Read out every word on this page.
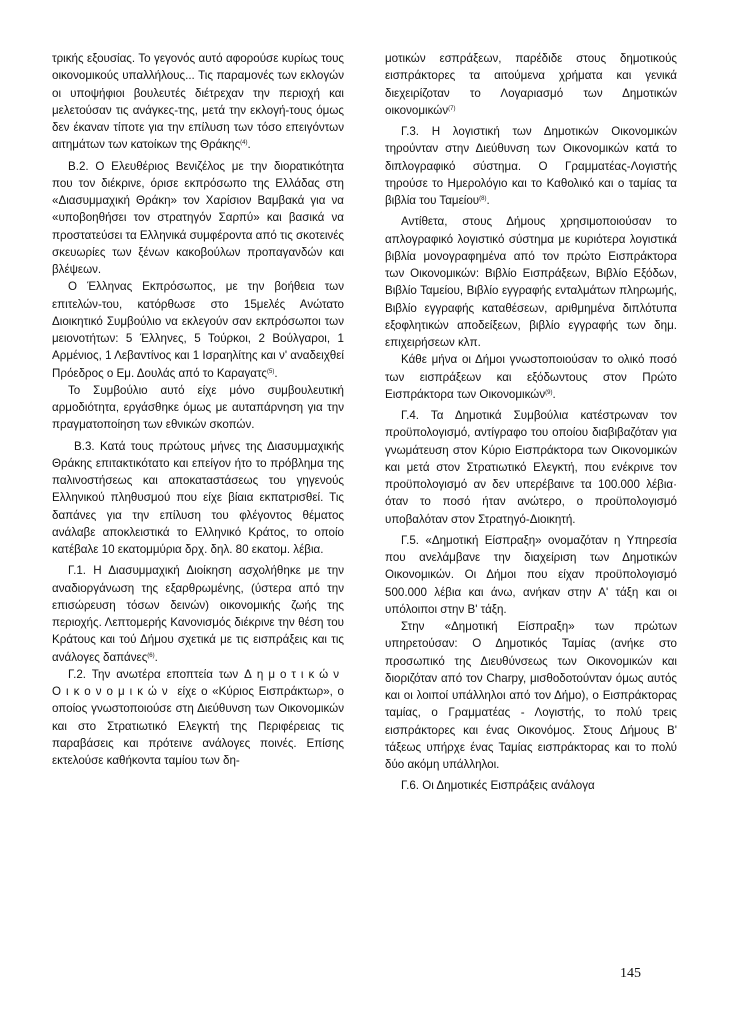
τρικής εξουσίας. Το γεγονός αυτό αφορούσε κυρίως τους οικονομικούς υπαλλήλους... Τις παραμονές των εκλογών οι υποψήφιοι βουλευτές διέτρεχαν την περιοχή και μελετούσαν τις ανάγκες-της, μετά την εκλογή-τους όμως δεν έκαναν τίποτε για την επίλυση των τόσο επειγόντων αιτημάτων των κατοίκων της Θράκης$^{(4)}$.

B.2. Ο Ελευθέριος Βενιζέλος με την διορατικότητα που τον διέκρινε, όρισε εκπρόσωπο της Ελλάδας στη «Διασυμμαχική Θράκη» τον Χαρίσιον Βαμβακά για να «υποβοηθήσει τον στρατηγόν Σαρπύ» και βασικά να προστατεύσει τα Ελληνικά συμφέροντα από τις σκοτεινές σκευωρίες των ξένων κακοβούλων προπαγανδών και βλέψεων.

Ο Έλληνας Εκπρόσωπος, με την βοήθεια των επιτελών-του, κατόρθωσε στο 15μελές Ανώτατο Διοικητικό Συμβούλιο να εκλεγούν σαν εκπρόσωποι των μειονοτήτων: 5 Έλληνες, 5 Τούρκοι, 2 Βούλγαροι, 1 Αρμένιος, 1 Λεβαντίνος και 1 Ισραηλίτης και ν' αναδειχθεί Πρόεδρος ο Εμ. Δουλάς από το Καραγατς$^{(5)}$.

Το Συμβούλιο αυτό είχε μόνο συμβουλευτική αρμοδιότητα, εργάσθηκε όμως με αυταπάρνηση για την πραγματοποίηση των εθνικών σκοπών.

B.3. Κατά τους πρώτους μήνες της Διασυμμαχικής Θράκης επιτακτικότατο και επείγον ήτο το πρόβλημα της παλινοστήσεως και αποκαταστάσεως του γηγενούς Ελληνικού πληθυσμού που είχε βίαια εκπατρισθεί. Τις δαπάνες για την επίλυση του φλέγοντος θέματος ανάλαβε αποκλειστικά το Ελληνικό Κράτος, το οποίο κατέβαλε 10 εκατομμύρια δρχ. δηλ. 80 εκατομ. λέβια.

Γ.1. Η Διασυμμαχική Διοίκηση ασχολήθηκε με την αναδιοργάνωση της εξαρθρωμένης, (ύστερα από την επισώρευση τόσων δεινών) οικονομικής ζωής της περιοχής. Λεπτομερής Κανονισμός διέκρινε την θέση του Κράτους και τού Δήμου σχετικά με τις εισπράξεις και τις ανάλογες δαπάνες$^{(6)}$.

Γ.2. Την ανωτέρα εποπτεία των Δημοτικών Οικονομικών είχε ο «Κύριος Εισπράκτωρ», ο οποίος γνωστοποιούσε στη Διεύθυνση των Οικονομικών και στο Στρατιωτικό Ελεγκτή της Περιφέρειας τις παραβάσεις και πρότεινε ανάλογες ποινές. Επίσης εκτελούσε καθήκοντα ταμίου των δη-

μοτικών εσπράξεων, παρέδιδε στους δημοτικούς εισπράκτορες τα αιτούμενα χρήματα και γενικά διεχειρίζοταν το Λογαριασμό των Δημοτικών οικονομικών$^{(7)}$

Γ.3. Η λογιστική των Δημοτικών Οικονομικών τηρούνταν στην Διεύθυνση των Οικονομικών κατά το διπλογραφικό σύστημα. Ο Γραμματέας-Λογιστής τηρούσε το Ημερολόγιο και το Καθολικό και ο ταμίας τα βιβλία του Ταμείου$^{(8)}$.

Αντίθετα, στους Δήμους χρησιμοποιούσαν το απλογραφικό λογιστικό σύστημα με κυριότερα λογιστικά βιβλία μονογραφημένα από τον πρώτο Εισπράκτορα των Οικονομικών: Βιβλίο Εισπράξεων, Βιβλίο Εξόδων, Βιβλίο Ταμείου, Βιβλίο εγγραφής ενταλμάτων πληρωμής, Βιβλίο εγγραφής καταθέσεων, αριθμημένα διπλότυπα εξοφλητικών αποδείξεων, βιβλίο εγγραφής των δημ. επιχειρήσεων κλπ.

Κάθε μήνα οι Δήμοι γνωστοποιούσαν το ολικό ποσό των εισπράξεων και εξόδωντους στον Πρώτο Εισπράκτορα των Οικονομικών$^{(9)}$.

Γ.4. Τα Δημοτικά Συμβούλια κατέστρωναν τον προϋπολογισμό, αντίγραφο του οποίου διαβιβαζόταν για γνωμάτευση στον Κύριο Εισπράκτορα των Οικονομικών και μετά στον Στρατιωτικό Ελεγκτή, που ενέκρινε τον προϋπολογισμό αν δεν υπερέβαινε τα 100.000 λέβια· όταν το ποσό ήταν ανώτερο, ο προϋπολογισμό υποβαλόταν στον Στρατηγό-Διοικητή.

Γ.5. «Δημοτική Είσπραξη» ονομαζόταν η Υπηρεσία που ανελάμβανε την διαχείριση των Δημοτικών Οικονομικών. Οι Δήμοι που είχαν προϋπολογισμό 500.000 λέβια και άνω, ανήκαν στην Α' τάξη και οι υπόλοιποι στην Β' τάξη.

Στην «Δημοτική Είσπραξη» των πρώτων υπηρετούσαν: Ο Δημοτικός Ταμίας (ανήκε στο προσωπικό της Διευθύνσεως των Οικονομικών και διοριζόταν από τον Charpy, μισθοδοτούνταν όμως αυτός και οι λοιποί υπάλληλοι από τον Δήμο), ο Εισπράκτορας ταμίας, ο Γραμματέας - Λογιστής, το πολύ τρεις εισπράκτορες και ένας Οικονόμος. Στους Δήμους Β' τάξεως υπήρχε ένας Ταμίας εισπράκτορας και το πολύ δύο ακόμη υπάλληλοι.

Γ.6. Οι Δημοτικές Εισπράξεις ανάλογα

145
